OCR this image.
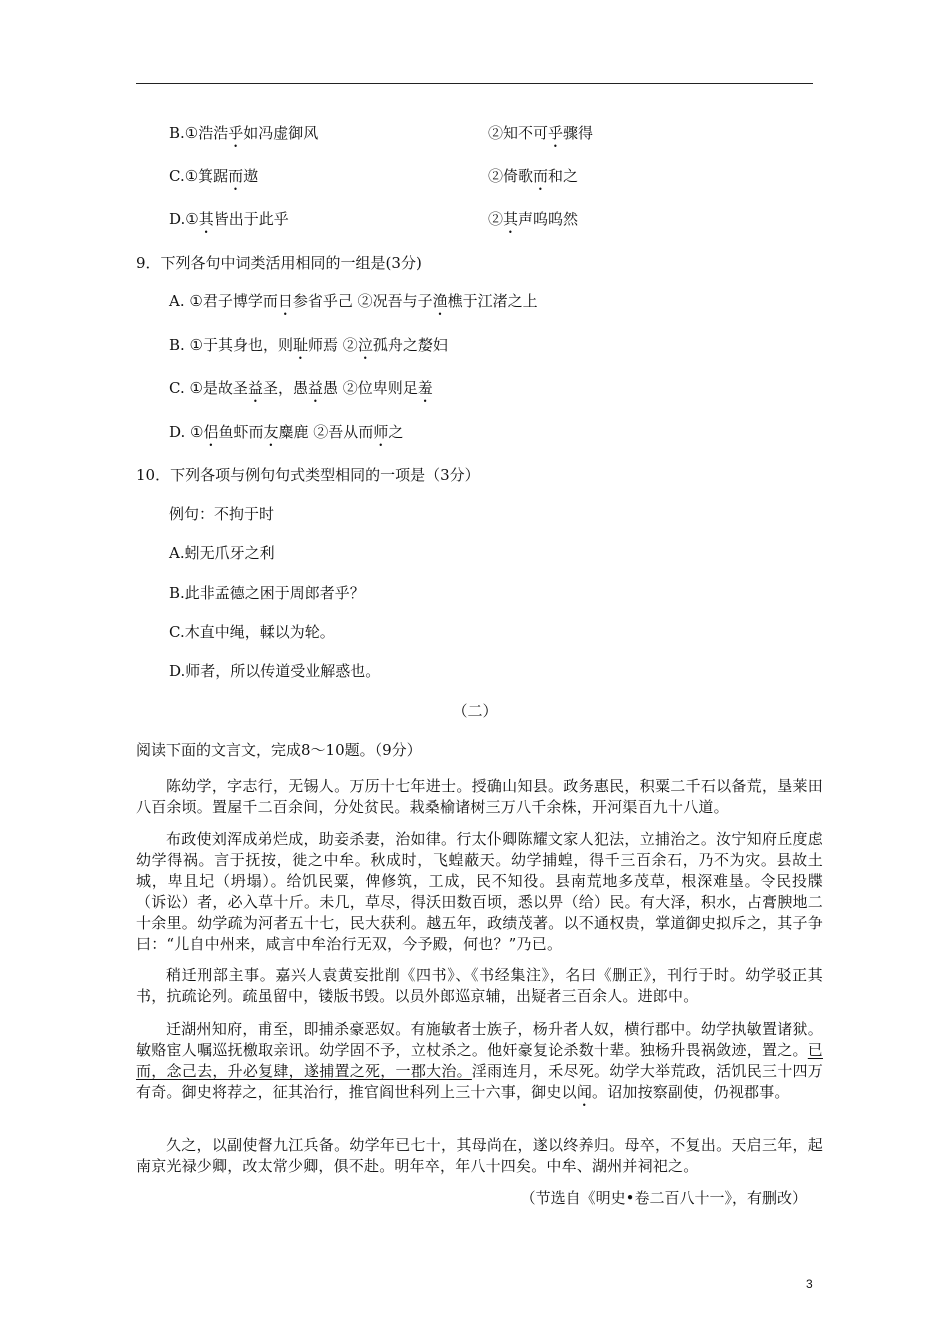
B.①浩浩乎如冯虚御风	②知不可乎骤得
C.①箕踞而遨	②倚歌而和之
D.①其皆出于此乎	②其声呜呜然
9．下列各句中词类活用相同的一组是(3分)
A. ①君子博学而日参省乎己 ②况吾与子渔樵于江渚之上
B. ①于其身也，则耻师焉 ②泣孤舟之嫠妇
C. ①是故圣益圣，愚益愚 ②位卑则足羞
D. ①侣鱼虾而友麋鹿 ②吾从而师之
10．下列各项与例句句式类型相同的一项是（3分）
例句：不拘于时
A.蚓无爪牙之利
B.此非孟德之困于周郎者乎？
C.木直中绳，輮以为轮。
D.师者，所以传道受业解惑也。
（二）
阅读下面的文言文，完成8～10题。（9分）
陈幼学，字志行，无锡人。万历十七年进士。授确山知县。政务惠民，积粟二千石以备荒，垦莱田八百余顷。置屋千二百余间，分处贫民。栽桑榆诸树三万八千余株，开河渠百九十八道。
布政使刘浑成弟烂成，助妾杀妻，治如律。行太仆卿陈耀文家人犯法，立捕治之。汝宁知府丘度虑幼学得祸。言于抚按，徙之中牟。秋成时，飞蝗蔽天。幼学捕蝗，得千三百余石，乃不为灾。县故土城，卑且圮（坍塌）。给饥民粟，俾修筑，工成，民不知役。县南荒地多茂草，根深难垦。令民投牒（诉讼）者，必入草十斤。未几，草尽，得沃田数百顷，悉以畀（给）民。有大泽，积水，占膏腴地二十余里。幼学疏为河者五十七，民大获利。越五年，政绩茂著。以不通权贵，掌道御史拟斥之，其子争曰：“儿自中州来，咸言中牟治行无双，今予殿，何也？”乃已。
稍迁刑部主事。嘉兴人袁黄妄批削《四书》、《书经集注》，名曰《删正》，刊行于时。幼学驳正其书，抗疏论列。疏虽留中，镂版书毁。以员外郎巡京辅，出疑者三百余人。进郎中。
迁湖州知府，甫至，即捕杀豪恶奴。有施敏者士族子，杨升者人奴，横行郡中。幼学执敏置诸狱。敏赂宦人嘱巡抚檄取亲讯。幼学固不予，立杖杀之。他奸豪复论杀数十辈。独杨升畏祸敛迹，置之。已而，念己去，升必复肆，遂捕置之死，一郡大治。淫雨连月，禾尽死。幼学大举荒政，活饥民三十四万有奇。御史将荐之，征其治行，推官阎世科列上三十六事，御史以闻。诏加按察副使，仍视郡事。
久之，以副使督九江兵备。幼学年已七十，其母尚在，遂以终养归。母卒，不复出。天启三年，起南京光禄少卿，改太常少卿，俱不赴。明年卒，年八十四矣。中牟、湖州并祠祀之。
（节选自《明史•卷二百八十一》，有删改）
3
